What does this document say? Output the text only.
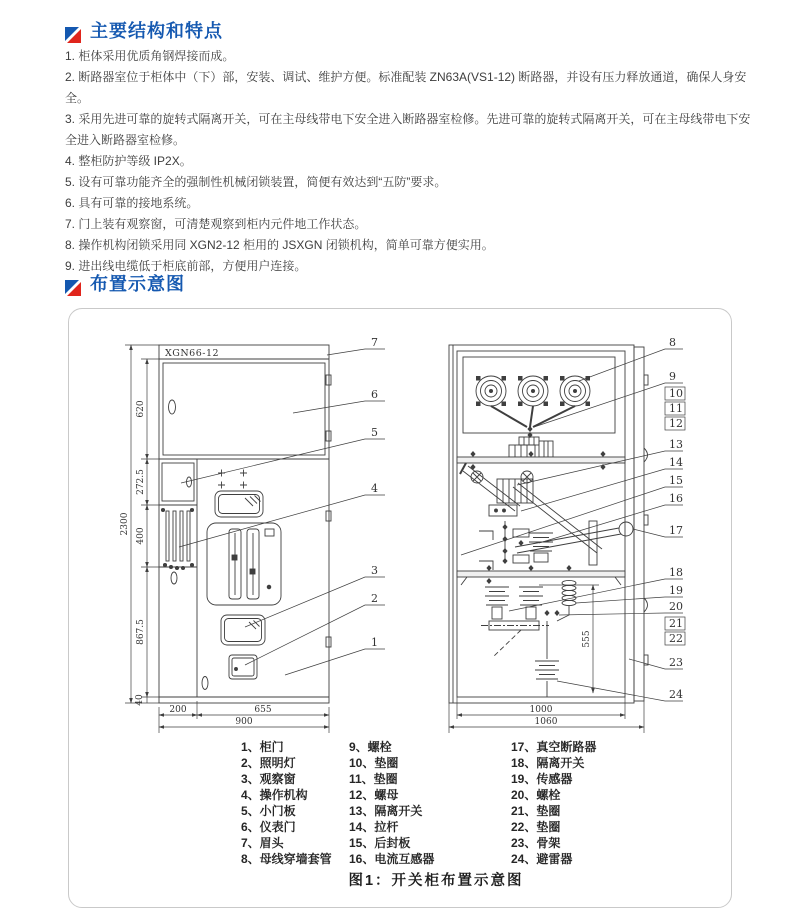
主要结构和特点
1. 柜体采用优质角钢焊接而成。
2. 断路器室位于柜体中（下）部，安装、调试、维护方便。标准配装 ZN63A(VS1-12) 断路器，并设有压力释放通道，确保人身安全。
3. 采用先进可靠的旋转式隔离开关，可在主母线带电下安全进入断路器室检修。先进可靠的旋转式隔离开关，可在主母线带电下安全进入断路器室检修。
4. 整柜防护等级 IP2X。
5. 设有可靠功能齐全的强制性机械闭锁装置，简便有效达到“五防”要求。
6. 具有可靠的接地系统。
7. 门上装有观察窗，可清楚观察到柜内元件地工作状态。
8. 操作机构闭锁采用同 XGN2-12 柜用的 JSXGN 闭锁机构，简单可靠方便实用。
9. 进出线电缆低于柜底前部，方便用户连接。
布置示意图
XGN66-12
2300
620
272.5
400
867.5
40
200	655
900
7
6
5
4
3
2
1	555
1000
1060
8
9
10
11
12
13
14
15
16
17
18
19
20
21
22
23
24
1、柜门
2、照明灯
3、观察窗
4、操作机构
5、小门板
6、仪表门
7、眉头
8、母线穿墙套管
9、螺栓
10、垫圈
11、垫圈
12、螺母
13、隔离开关
14、拉杆
15、后封板
16、电流互感器
17、真空断路器
18、隔离开关
19、传感器
20、螺栓
21、垫圈
22、垫圈
23、骨架
24、避雷器
图1：开关柜布置示意图
